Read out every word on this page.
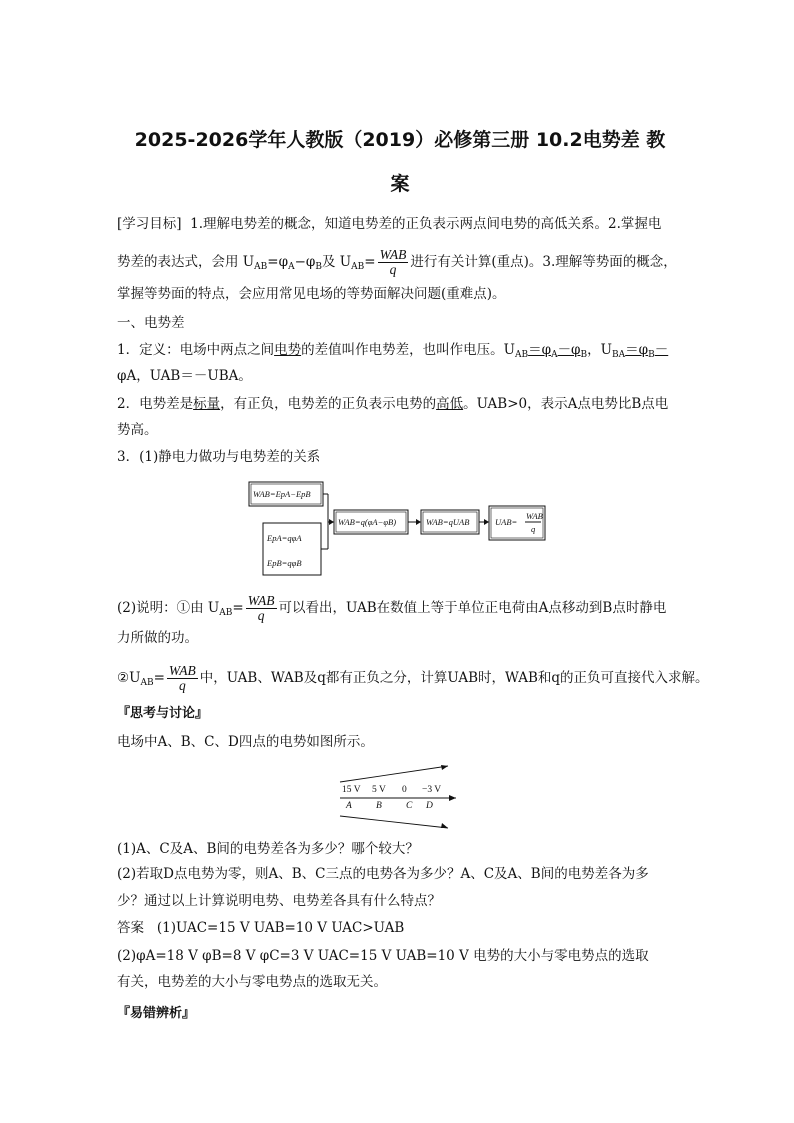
2025-2026学年人教版（2019）必修第三册 10.2电势差 教
案
[学习目标] 1.理解电势差的概念，知道电势差的正负表示两点间电势的高低关系。2.掌握电
势差的表达式，会用 $U_{AB}=\varphi_A-\varphi_B$及 $U_{AB}= \frac{\text{WAB}}{q}$ 进行有关计算(重点)。3.理解等势面的概念，
掌握等势面的特点，会应用常见电场的等势面解决问题(重难点)。
一、电势差
1．定义：电场中两点之间电势的差值叫作电势差，也叫作电压。$U_{AB}=\varphi_A-\varphi_B$，$U_{BA}=\varphi_B-$
φA，UAB＝－UBA。
2．电势差是标量，有正负，电势差的正负表示电势的高低。UAB>0，表示A点电势比B点电
势高。
3．(1)静电力做功与电势差的关系
WAB=EpA−EpB
EpA=qφA
EpB=qφB
WAB=q(φA−φB)	WAB=qUAB	UAB=
WAB
q
(2)说明：①由 $U_{AB}= \frac{\text{WAB}}{q}$ 可以看出，UAB在数值上等于单位正电荷由A点移动到B点时静电
力所做的功。
$②U_{AB}= \frac{\text{WAB}}{q}$ 中，UAB、WAB及q都有正负之分，计算UAB时，WAB和q的正负可直接代入求解。
『思考与讨论』
电场中A、B、C、D四点的电势如图所示。
15 V
A
5 V
B
0
C
−3 V
D
(1)A、C及A、B间的电势差各为多少？哪个较大？
(2)若取D点电势为零，则A、B、C三点的电势各为多少？A、C及A、B间的电势差各为多
少？通过以上计算说明电势、电势差各具有什么特点？
答案 (1)UAC=15 V UAB=10 V UAC>UAB
(2)φA=18 V φB=8 V φC=3 V UAC=15 V UAB=10 V 电势的大小与零电势点的选取
有关，电势差的大小与零电势点的选取无关。
『易错辨析』
